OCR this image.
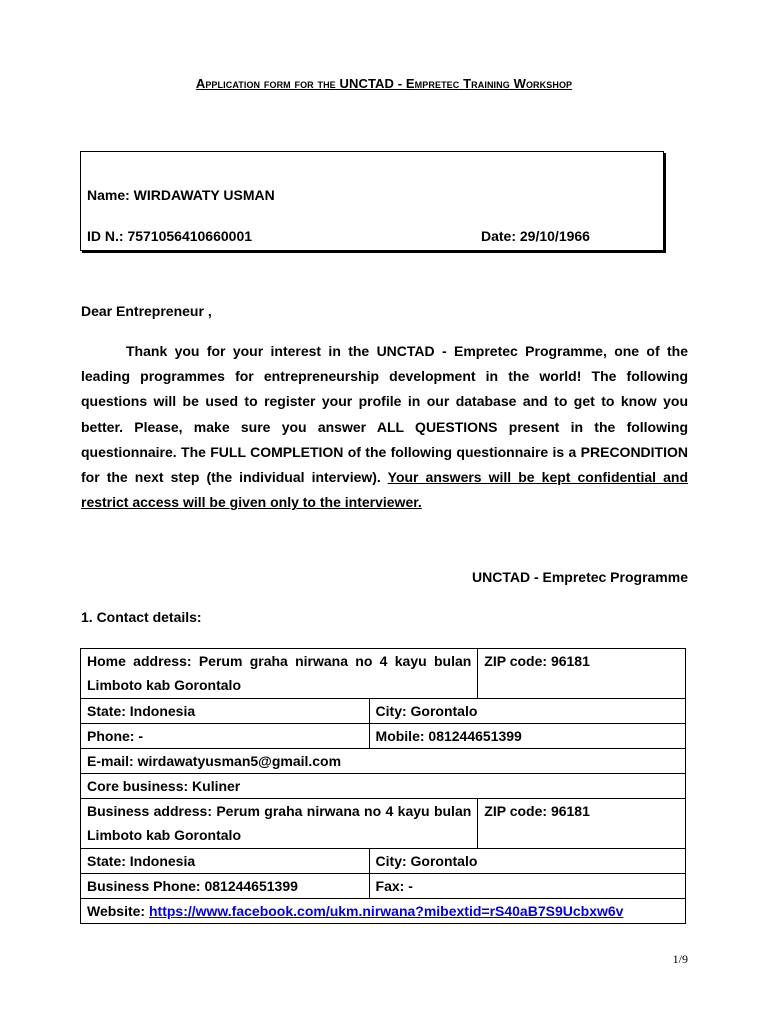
Application form for the UNCTAD - Empretec Training Workshop
Name: WIRDAWATY USMAN
ID N.: 7571056410660001	Date: 29/10/1966
Dear Entrepreneur ,
Thank you for your interest in the UNCTAD - Empretec Programme, one of the leading programmes for entrepreneurship development in the world! The following questions will be used to register your profile in our database and to get to know you better. Please, make sure you answer ALL QUESTIONS present in the following questionnaire. The FULL COMPLETION of the following questionnaire is a PRECONDITION for the next step (the individual interview). Your answers will be kept confidential and restrict access will be given only to the interviewer.
UNCTAD - Empretec Programme
1. Contact details:
Home address: Perum graha nirwana no 4 kayu bulan Limboto kab Gorontalo		ZIP code: 96181
State: Indonesia	City: Gorontalo	
Phone: -	Mobile: 081244651399	
E-mail: wirdawatyusman5@gmail.com		
Core business: Kuliner		
Business address: Perum graha nirwana no 4 kayu bulan Limboto kab Gorontalo		ZIP code: 96181
State: Indonesia	City: Gorontalo	
Business Phone: 081244651399	Fax: -	
Website: https://www.facebook.com/ukm.nirwana?mibextid=rS40aB7S9Ucbxw6v		
1/9
